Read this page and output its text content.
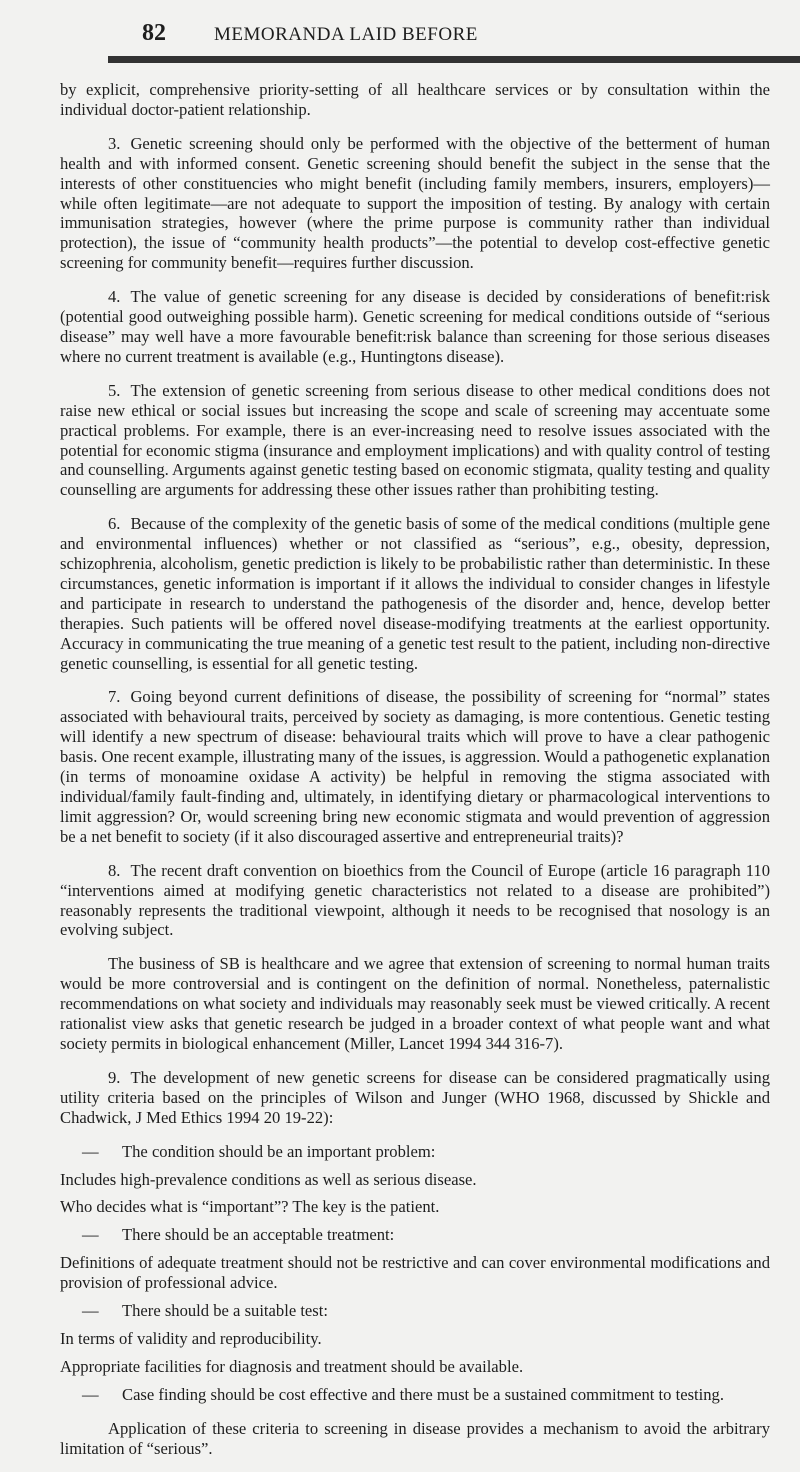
82	MEMORANDA LAID BEFORE

by explicit, comprehensive priority-setting of all healthcare services or by consultation within the individual doctor-patient relationship.

3. Genetic screening should only be performed with the objective of the betterment of human health and with informed consent. Genetic screening should benefit the subject in the sense that the interests of other constituencies who might benefit (including family members, insurers, employers)—while often legitimate—are not adequate to support the imposition of testing. By analogy with certain immunisation strategies, however (where the prime purpose is community rather than individual protection), the issue of “community health products”—the potential to develop cost-effective genetic screening for community benefit—requires further discussion.

4. The value of genetic screening for any disease is decided by considerations of benefit:risk (potential good outweighing possible harm). Genetic screening for medical conditions outside of “serious disease” may well have a more favourable benefit:risk balance than screening for those serious diseases where no current treatment is available (e.g., Huntingtons disease).

5. The extension of genetic screening from serious disease to other medical conditions does not raise new ethical or social issues but increasing the scope and scale of screening may accentuate some practical problems. For example, there is an ever-increasing need to resolve issues associated with the potential for economic stigma (insurance and employment implications) and with quality control of testing and counselling. Arguments against genetic testing based on economic stigmata, quality testing and quality counselling are arguments for addressing these other issues rather than prohibiting testing.

6. Because of the complexity of the genetic basis of some of the medical conditions (multiple gene and environmental influences) whether or not classified as “serious”, e.g., obesity, depression, schizophrenia, alcoholism, genetic prediction is likely to be probabilistic rather than deterministic. In these circumstances, genetic information is important if it allows the individual to consider changes in lifestyle and participate in research to understand the pathogenesis of the disorder and, hence, develop better therapies. Such patients will be offered novel disease-modifying treatments at the earliest opportunity. Accuracy in communicating the true meaning of a genetic test result to the patient, including non-directive genetic counselling, is essential for all genetic testing.

7. Going beyond current definitions of disease, the possibility of screening for “normal” states associated with behavioural traits, perceived by society as damaging, is more contentious. Genetic testing will identify a new spectrum of disease: behavioural traits which will prove to have a clear pathogenic basis. One recent example, illustrating many of the issues, is aggression. Would a pathogenetic explanation (in terms of monoamine oxidase A activity) be helpful in removing the stigma associated with individual/family fault-finding and, ultimately, in identifying dietary or pharmacological interventions to limit aggression? Or, would screening bring new economic stigmata and would prevention of aggression be a net benefit to society (if it also discouraged assertive and entrepreneurial traits)?

8. The recent draft convention on bioethics from the Council of Europe (article 16 paragraph 110 “interventions aimed at modifying genetic characteristics not related to a disease are prohibited”) reasonably represents the traditional viewpoint, although it needs to be recognised that nosology is an evolving subject.

The business of SB is healthcare and we agree that extension of screening to normal human traits would be more controversial and is contingent on the definition of normal. Nonetheless, paternalistic recommendations on what society and individuals may reasonably seek must be viewed critically. A recent rationalist view asks that genetic research be judged in a broader context of what people want and what society permits in biological enhancement (Miller, Lancet 1994 344 316-7).

9. The development of new genetic screens for disease can be considered pragmatically using utility criteria based on the principles of Wilson and Junger (WHO 1968, discussed by Shickle and Chadwick, J Med Ethics 1994 20 19-22):

—	The condition should be an important problem:
Includes high-prevalence conditions as well as serious disease.
Who decides what is “important”? The key is the patient.
—	There should be an acceptable treatment:
Definitions of adequate treatment should not be restrictive and can cover environmental modifications and provision of professional advice.
—	There should be a suitable test:
In terms of validity and reproducibility.
Appropriate facilities for diagnosis and treatment should be available.
—	Case finding should be cost effective and there must be a sustained commitment to testing.

Application of these criteria to screening in disease provides a mechanism to avoid the arbitrary limitation of “serious”.
